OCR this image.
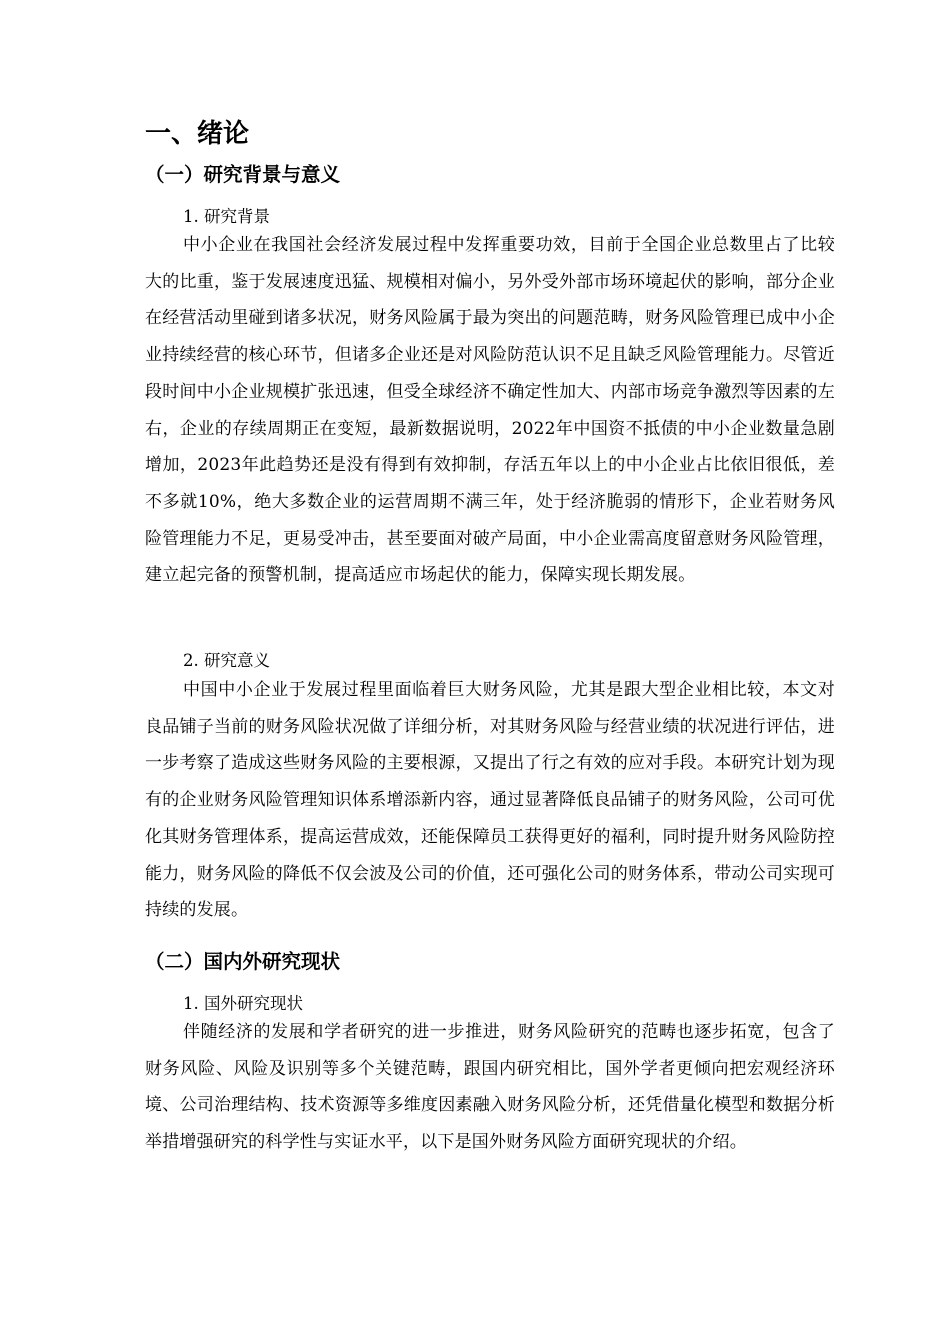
一、绪论
（一）研究背景与意义
1. 研究背景

中小企业在我国社会经济发展过程中发挥重要功效，目前于全国企业总数里占了比较大的比重，鉴于发展速度迅猛、规模相对偏小，另外受外部市场环境起伏的影响，部分企业在经营活动里碰到诸多状况，财务风险属于最为突出的问题范畴，财务风险管理已成中小企业持续经营的核心环节，但诸多企业还是对风险防范认识不足且缺乏风险管理能力。尽管近段时间中小企业规模扩张迅速，但受全球经济不确定性加大、内部市场竞争激烈等因素的左右，企业的存续周期正在变短，最新数据说明，2022年中国资不抵债的中小企业数量急剧增加，2023年此趋势还是没有得到有效抑制，存活五年以上的中小企业占比依旧很低，差不多就10%，绝大多数企业的运营周期不满三年，处于经济脆弱的情形下，企业若财务风险管理能力不足，更易受冲击，甚至要面对破产局面，中小企业需高度留意财务风险管理，建立起完备的预警机制，提高适应市场起伏的能力，保障实现长期发展。

2. 研究意义

中国中小企业于发展过程里面临着巨大财务风险，尤其是跟大型企业相比较，本文对良品铺子当前的财务风险状况做了详细分析，对其财务风险与经营业绩的状况进行评估，进一步考察了造成这些财务风险的主要根源，又提出了行之有效的应对手段。本研究计划为现有的企业财务风险管理知识体系增添新内容，通过显著降低良品铺子的财务风险，公司可优化其财务管理体系，提高运营成效，还能保障员工获得更好的福利，同时提升财务风险防控能力，财务风险的降低不仅会波及公司的价值，还可强化公司的财务体系，带动公司实现可持续的发展。

（二）国内外研究现状
1. 国外研究现状

伴随经济的发展和学者研究的进一步推进，财务风险研究的范畴也逐步拓宽，包含了财务风险、风险及识别等多个关键范畴，跟国内研究相比，国外学者更倾向把宏观经济环境、公司治理结构、技术资源等多维度因素融入财务风险分析，还凭借量化模型和数据分析举措增强研究的科学性与实证水平，以下是国外财务风险方面研究现状的介绍。
